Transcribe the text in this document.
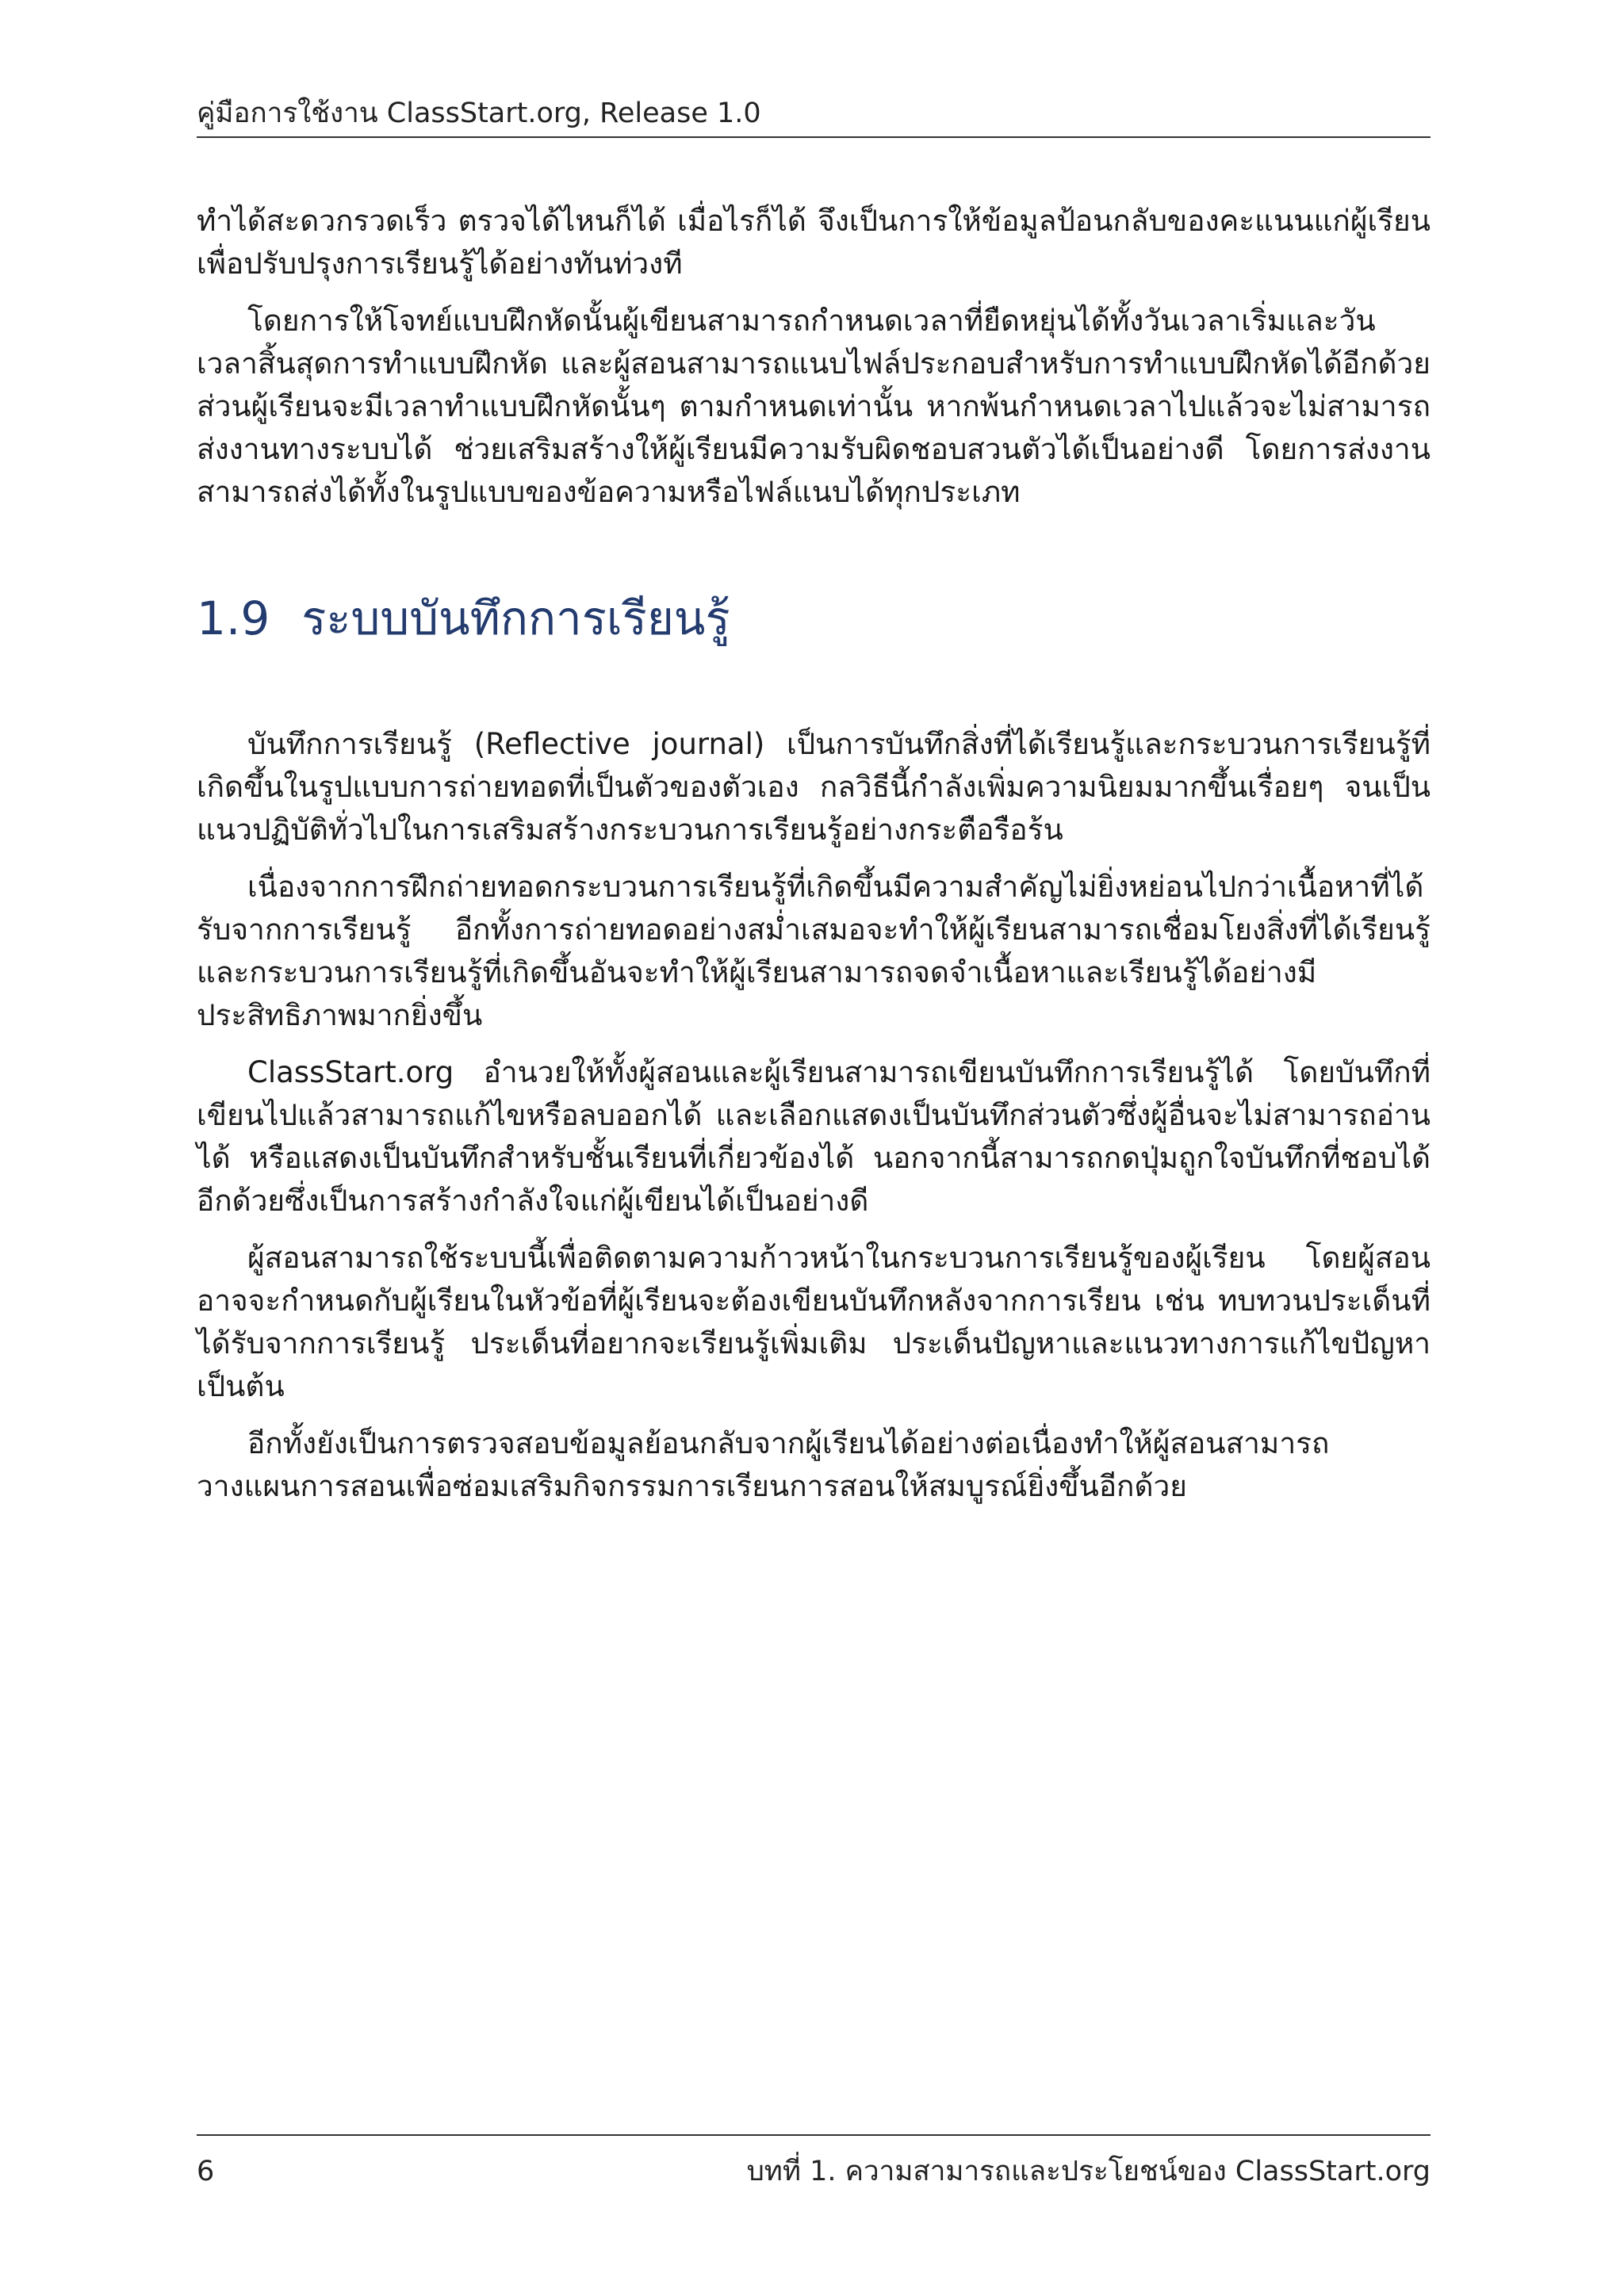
คู่มือการใช้งาน ClassStart.org, Release 1.0

ทำได้สะดวกรวดเร็ว ตรวจได้ไหนก็ได้ เมื่อไรก็ได้ จึงเป็นการให้ข้อมูลป้อนกลับของคะแนนแก่ผู้เรียนเพื่อปรับปรุงการเรียนรู้ได้อย่างทันท่วงที

โดยการให้โจทย์แบบฝึกหัดนั้นผู้เขียนสามารถกำหนดเวลาที่ยืดหยุ่นได้ทั้งวันเวลาเริ่มและวันเวลาสิ้นสุดการทำแบบฝึกหัด และผู้สอนสามารถแนบไฟล์ประกอบสำหรับการทำแบบฝึกหัดได้อีกด้วย ส่วนผู้เรียนจะมีเวลาทำแบบฝึกหัดนั้นๆ ตามกำหนดเท่านั้น หากพ้นกำหนดเวลาไปแล้วจะไม่สามารถส่งงานทางระบบได้ ช่วยเสริมสร้างให้ผู้เรียนมีความรับผิดชอบสวนตัวได้เป็นอย่างดี โดยการส่งงานสามารถส่งได้ทั้งในรูปแบบของข้อความหรือไฟล์แนบได้ทุกประเภท

1.9 ระบบบันทึกการเรียนรู้

บันทึกการเรียนรู้ (Reflective journal) เป็นการบันทึกสิ่งที่ได้เรียนรู้และกระบวนการเรียนรู้ที่เกิดขึ้นในรูปแบบการถ่ายทอดที่เป็นตัวของตัวเอง กลวิธีนี้กำลังเพิ่มความนิยมมากขึ้นเรื่อยๆ จนเป็นแนวปฏิบัติทั่วไปในการเสริมสร้างกระบวนการเรียนรู้อย่างกระตือรือร้น

เนื่องจากการฝึกถ่ายทอดกระบวนการเรียนรู้ที่เกิดขึ้นมีความสำคัญไม่ยิ่งหย่อนไปกว่าเนื้อหาที่ได้รับจากการเรียนรู้ อีกทั้งการถ่ายทอดอย่างสม่ำเสมอจะทำให้ผู้เรียนสามารถเชื่อมโยงสิ่งที่ได้เรียนรู้และกระบวนการเรียนรู้ที่เกิดขึ้นอันจะทำให้ผู้เรียนสามารถจดจำเนื้อหาและเรียนรู้ได้อย่างมีประสิทธิภาพมากยิ่งขึ้น

ClassStart.org อำนวยให้ทั้งผู้สอนและผู้เรียนสามารถเขียนบันทึกการเรียนรู้ได้ โดยบันทึกที่เขียนไปแล้วสามารถแก้ไขหรือลบออกได้ และเลือกแสดงเป็นบันทึกส่วนตัวซึ่งผู้อื่นจะไม่สามารถอ่านได้ หรือแสดงเป็นบันทึกสำหรับชั้นเรียนที่เกี่ยวข้องได้ นอกจากนี้สามารถกดปุ่มถูกใจบันทึกที่ชอบได้อีกด้วยซึ่งเป็นการสร้างกำลังใจแก่ผู้เขียนได้เป็นอย่างดี

ผู้สอนสามารถใช้ระบบนี้เพื่อติดตามความก้าวหน้าในกระบวนการเรียนรู้ของผู้เรียน โดยผู้สอนอาจจะกำหนดกับผู้เรียนในหัวข้อที่ผู้เรียนจะต้องเขียนบันทึกหลังจากการเรียน เช่น ทบทวนประเด็นที่ได้รับจากการเรียนรู้ ประเด็นที่อยากจะเรียนรู้เพิ่มเติม ประเด็นปัญหาและแนวทางการแก้ไขปัญหาเป็นต้น

อีกทั้งยังเป็นการตรวจสอบข้อมูลย้อนกลับจากผู้เรียนได้อย่างต่อเนื่องทำให้ผู้สอนสามารถวางแผนการสอนเพื่อซ่อมเสริมกิจกรรมการเรียนการสอนให้สมบูรณ์ยิ่งขึ้นอีกด้วย

6	บทที่ 1. ความสามารถและประโยชน์ของ ClassStart.org
